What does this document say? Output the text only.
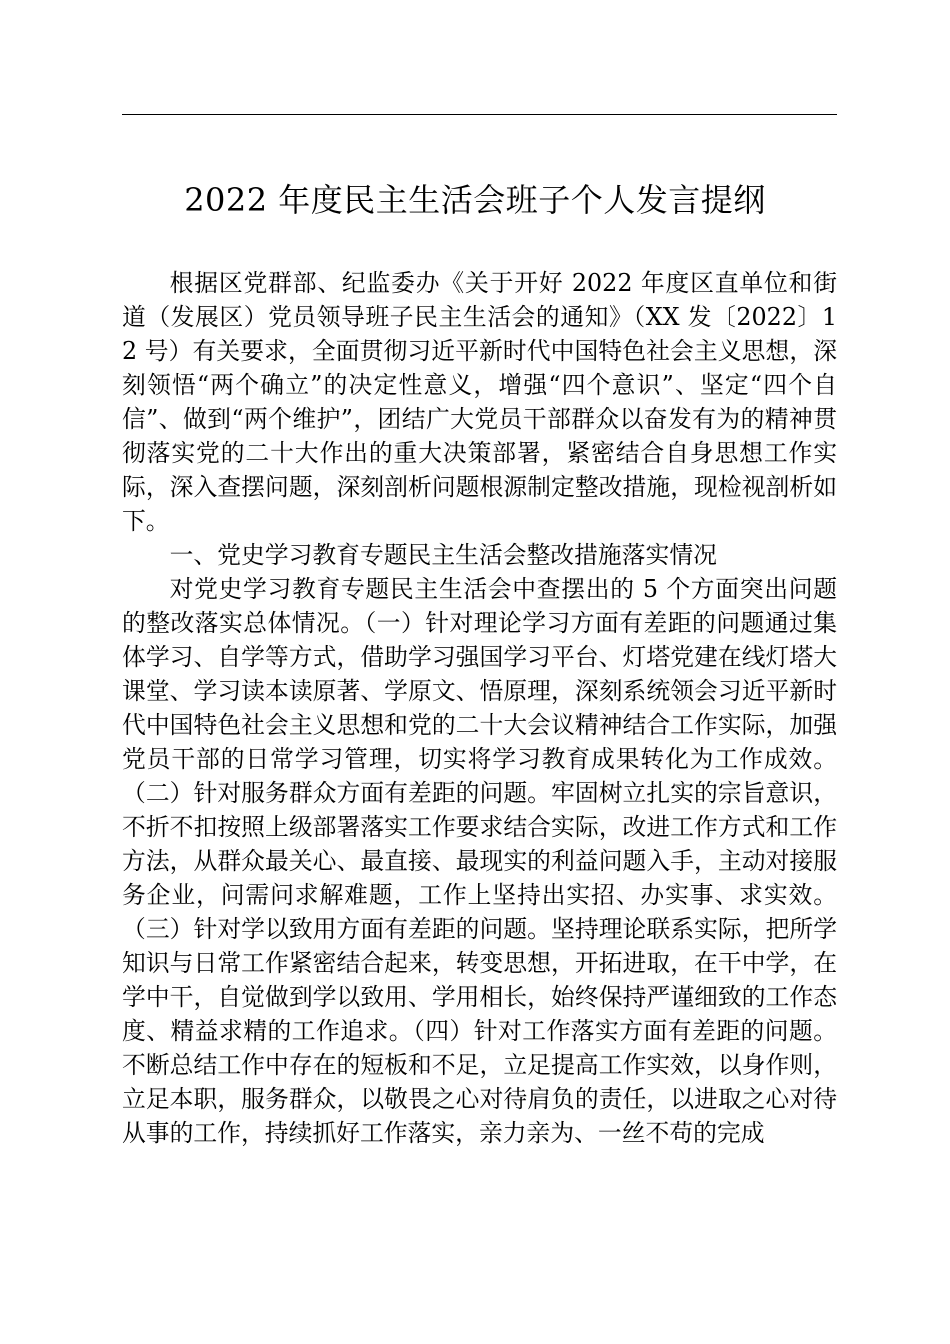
2022 年度民主生活会班子个人发言提纲

根据区党群部、纪监委办《关于开好 2022 年度区直单位和街道（发展区）党员领导班子民主生活会的通知》（XX 发〔2022〕12 号）有关要求，全面贯彻习近平新时代中国特色社会主义思想，深刻领悟“两个确立”的决定性意义，增强“四个意识”、坚定“四个自信”、做到“两个维护”，团结广大党员干部群众以奋发有为的精神贯彻落实党的二十大作出的重大决策部署，紧密结合自身思想工作实际，深入查摆问题，深刻剖析问题根源制定整改措施，现检视剖析如下。

一、党史学习教育专题民主生活会整改措施落实情况

对党史学习教育专题民主生活会中查摆出的 5 个方面突出问题的整改落实总体情况。（一）针对理论学习方面有差距的问题通过集体学习、自学等方式，借助学习强国学习平台、灯塔党建在线灯塔大课堂、学习读本读原著、学原文、悟原理，深刻系统领会习近平新时代中国特色社会主义思想和党的二十大会议精神结合工作实际，加强党员干部的日常学习管理，切实将学习教育成果转化为工作成效。（二）针对服务群众方面有差距的问题。牢固树立扎实的宗旨意识，不折不扣按照上级部署落实工作要求结合实际，改进工作方式和工作方法，从群众最关心、最直接、最现实的利益问题入手，主动对接服务企业，问需问求解难题，工作上坚持出实招、办实事、求实效。（三）针对学以致用方面有差距的问题。坚持理论联系实际，把所学知识与日常工作紧密结合起来，转变思想，开拓进取，在干中学，在学中干，自觉做到学以致用、学用相长，始终保持严谨细致的工作态度、精益求精的工作追求。（四）针对工作落实方面有差距的问题。不断总结工作中存在的短板和不足，立足提高工作实效，以身作则，立足本职，服务群众，以敬畏之心对待肩负的责任，以进取之心对待从事的工作，持续抓好工作落实，亲力亲为、一丝不苟的完成
